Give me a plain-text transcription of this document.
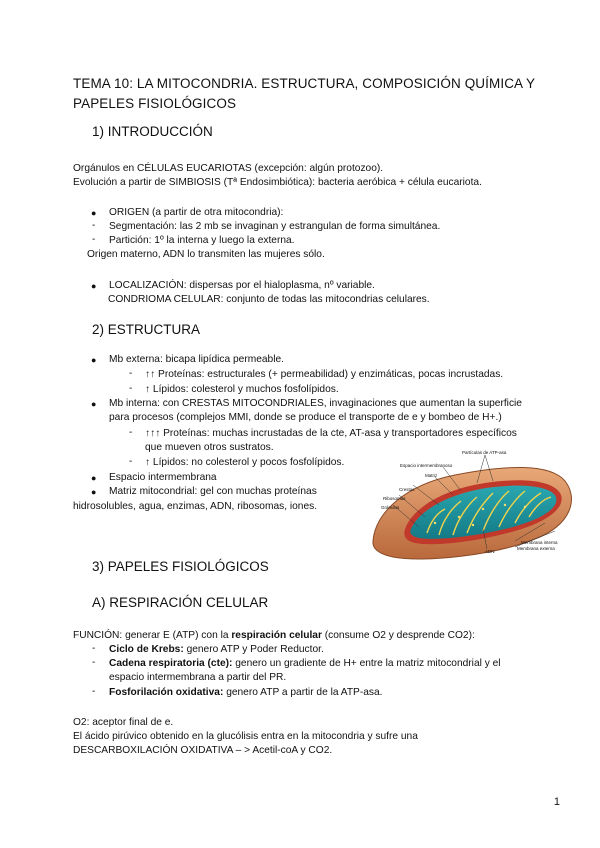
TEMA 10: LA MITOCONDRIA. ESTRUCTURA, COMPOSICIÓN QUÍMICA Y

PAPELES FISIOLÓGICOS

1) INTRODUCCIÓN

Orgánulos en CÉLULAS EUCARIOTAS (excepción: algún protozoo).

Evolución a partir de SIMBIOSIS (Tª Endosimbiótica): bacteria aeróbica + célula eucariota.

● ORIGEN (a partir de otra mitocondria):

- Segmentación: las 2 mb se invaginan y estrangulan de forma simultánea.

- Partición: 1º la interna y luego la externa.

Origen materno, ADN lo transmiten las mujeres sólo.

● LOCALIZACIÓN: dispersas por el hialoplasma, nº variable.

CONDRIOMA CELULAR: conjunto de todas las mitocondrias celulares.

2) ESTRUCTURA

● Mb externa: bicapa lipídica permeable.

- ↑↑ Proteínas: estructurales (+ permeabilidad) y enzimáticas, pocas incrustadas.

- ↑ Lípidos: colesterol y muchos fosfolípidos.

● Mb interna: con CRESTAS MITOCONDRIALES, invaginaciones que aumentan la superficie

para procesos (complejos MMI, donde se produce el transporte de e y bombeo de H+.)

- ↑↑↑ Proteínas: muchas incrustadas de la cte, AT-asa y transportadores específicos

que mueven otros sustratos.

- ↑ Lípidos: no colesterol y pocos fosfolípidos.

● Espacio intermembrana

● Matriz mitocondrial: gel con muchas proteínas

hidrosolubles, agua, enzimas, ADN, ribosomas, iones.

Partículas de ATP-asa
Espacio intermembranoso
Matriz
Crestas
Ribosomas
Gránulos
Membrana interna
Membrana externa
ADN

3) PAPELES FISIOLÓGICOS

A) RESPIRACIÓN CELULAR

FUNCIÓN: generar E (ATP) con la respiración celular (consume O2 y desprende CO2):

- Ciclo de Krebs: genero ATP y Poder Reductor.

- Cadena respiratoria (cte): genero un gradiente de H+ entre la matriz mitocondrial y el

espacio intermembrana a partir del PR.

- Fosforilación oxidativa: genero ATP a partir de la ATP-asa.

O2: aceptor final de e.

El ácido pirúvico obtenido en la glucólisis entra en la mitocondria y sufre una

DESCARBOXILACIÓN OXIDATIVA – > Acetil-coA y CO2.

1
